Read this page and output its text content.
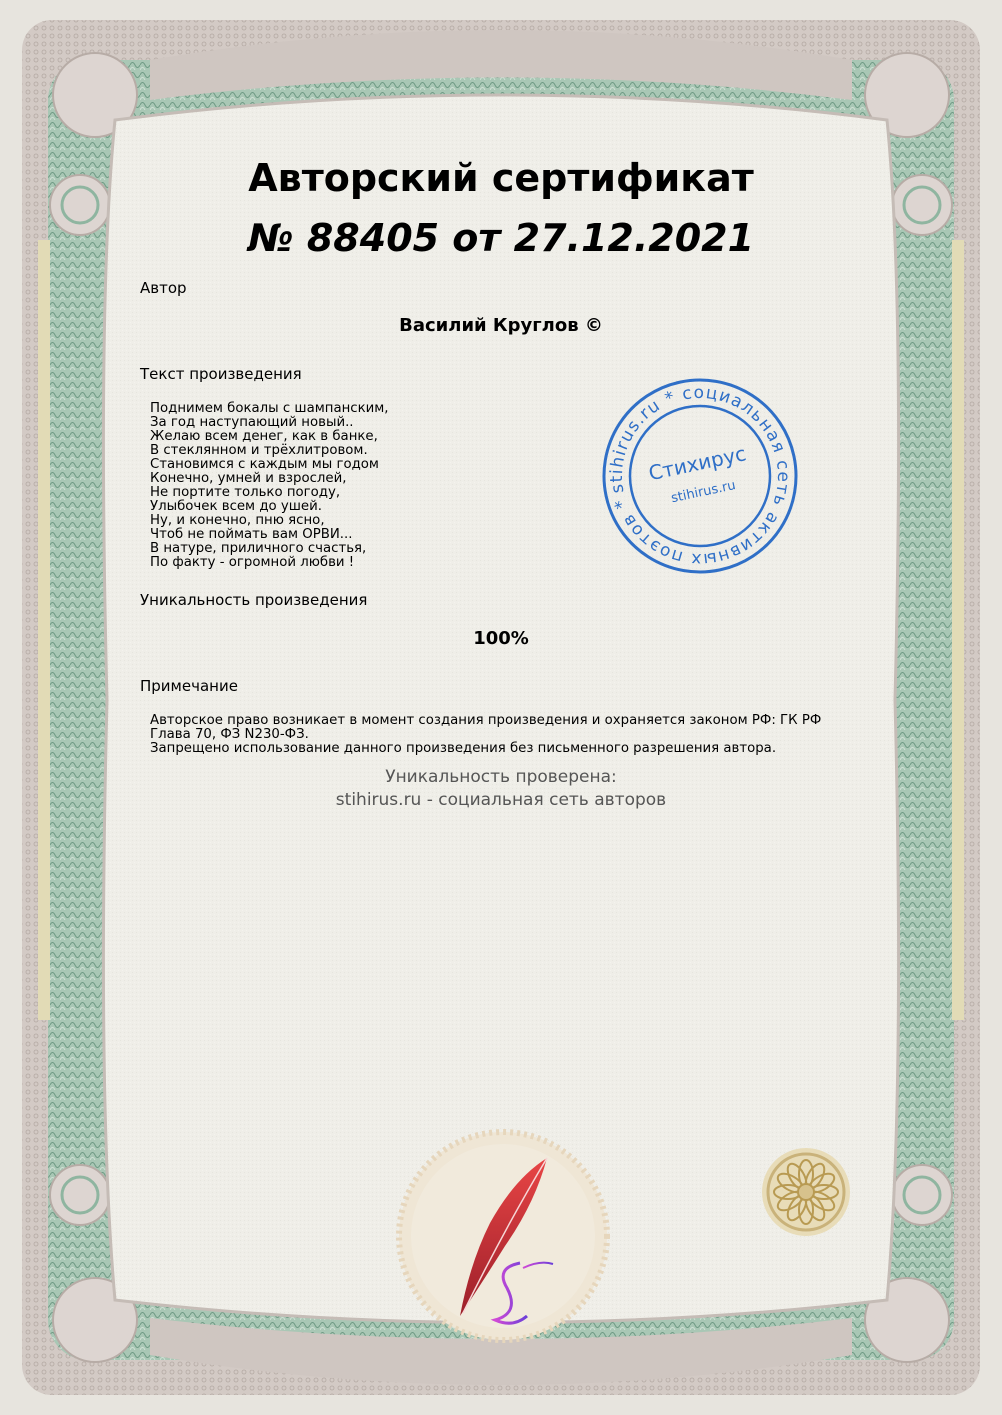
Авторский сертификат
№ 88405 от 27.12.2021
Автор
Василий Круглов ©
Текст произведения
Поднимем бокалы с шампанским,
За год наступающий новый..
Желаю всем денег, как в банке,
В стеклянном и трёхлитровом.
Становимся с каждым мы годом
Конечно, умней и взрослей,
Не портите только погоду,
Улыбочек всем до ушей.
Ну, и конечно, пню ясно,
Чтоб не поймать вам ОРВИ...
В натуре, приличного счастья,
По факту - огромной любви !
Уникальность произведения
100%
Примечание
Авторское право возникает в момент создания произведения и охраняется законом РФ: ГК РФ Глава 70, ФЗ N230-ФЗ.
Запрещено использование данного произведения без письменного разрешения автора.
Уникальность проверена:
stihirus.ru - социальная сеть авторов
stihirus.ru * социальная сеть активных поэтов *
Стихирус
stihirus.ru
